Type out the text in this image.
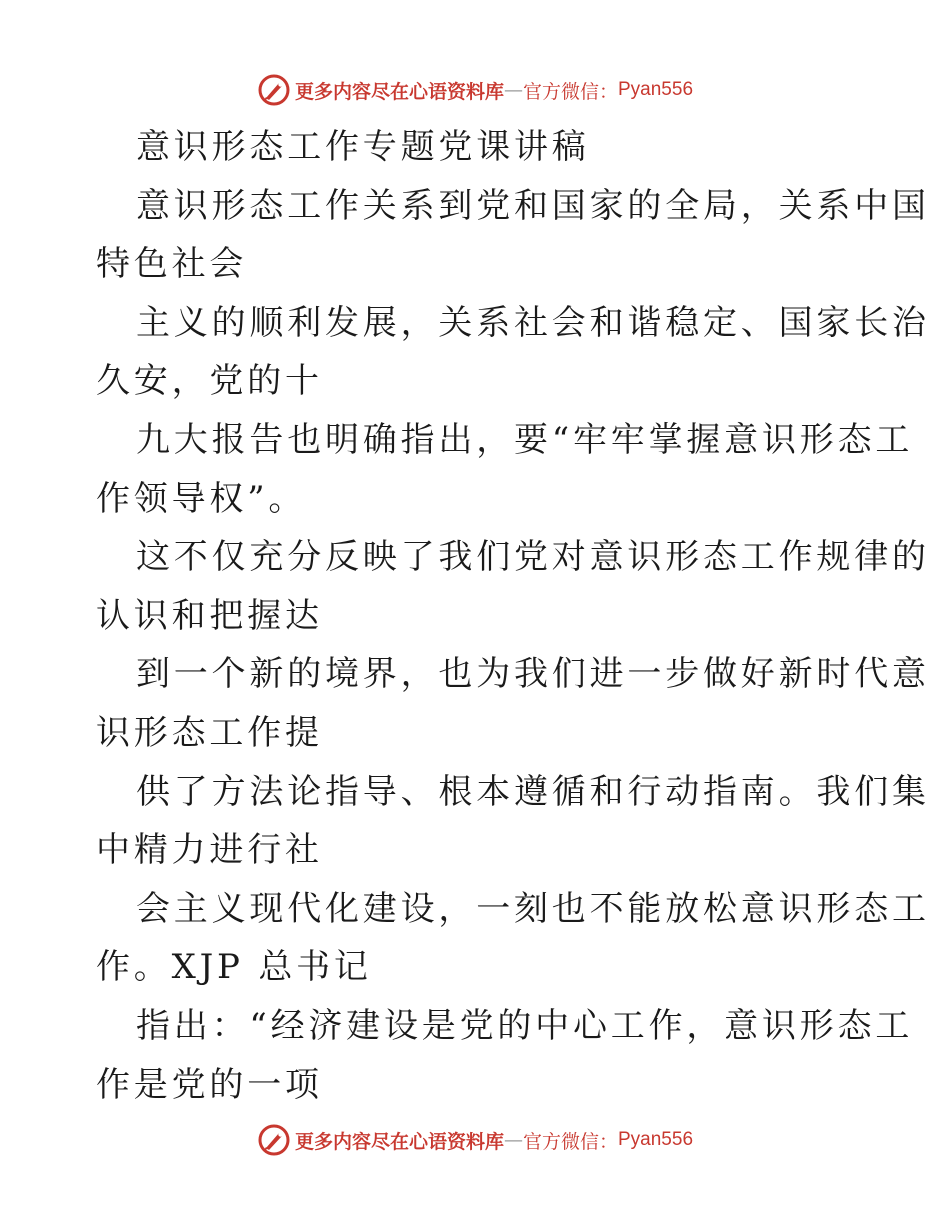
更多内容尽在心语资料库 — 官方微信： Pyan556
意识形态工作专题党课讲稿
意识形态工作关系到党和国家的全局，关系中国
特色社会
主义的顺利发展，关系社会和谐稳定、国家长治
久安，党的十
九大报告也明确指出，要“牢牢掌握意识形态工
作领导权”。
这不仅充分反映了我们党对意识形态工作规律的
认识和把握达
到一个新的境界，也为我们进一步做好新时代意
识形态工作提
供了方法论指导、根本遵循和行动指南。我们集
中精力进行社
会主义现代化建设，一刻也不能放松意识形态工
作。XJP 总书记
指出：“经济建设是党的中心工作，意识形态工
作是党的一项
更多内容尽在心语资料库 — 官方微信： Pyan556
